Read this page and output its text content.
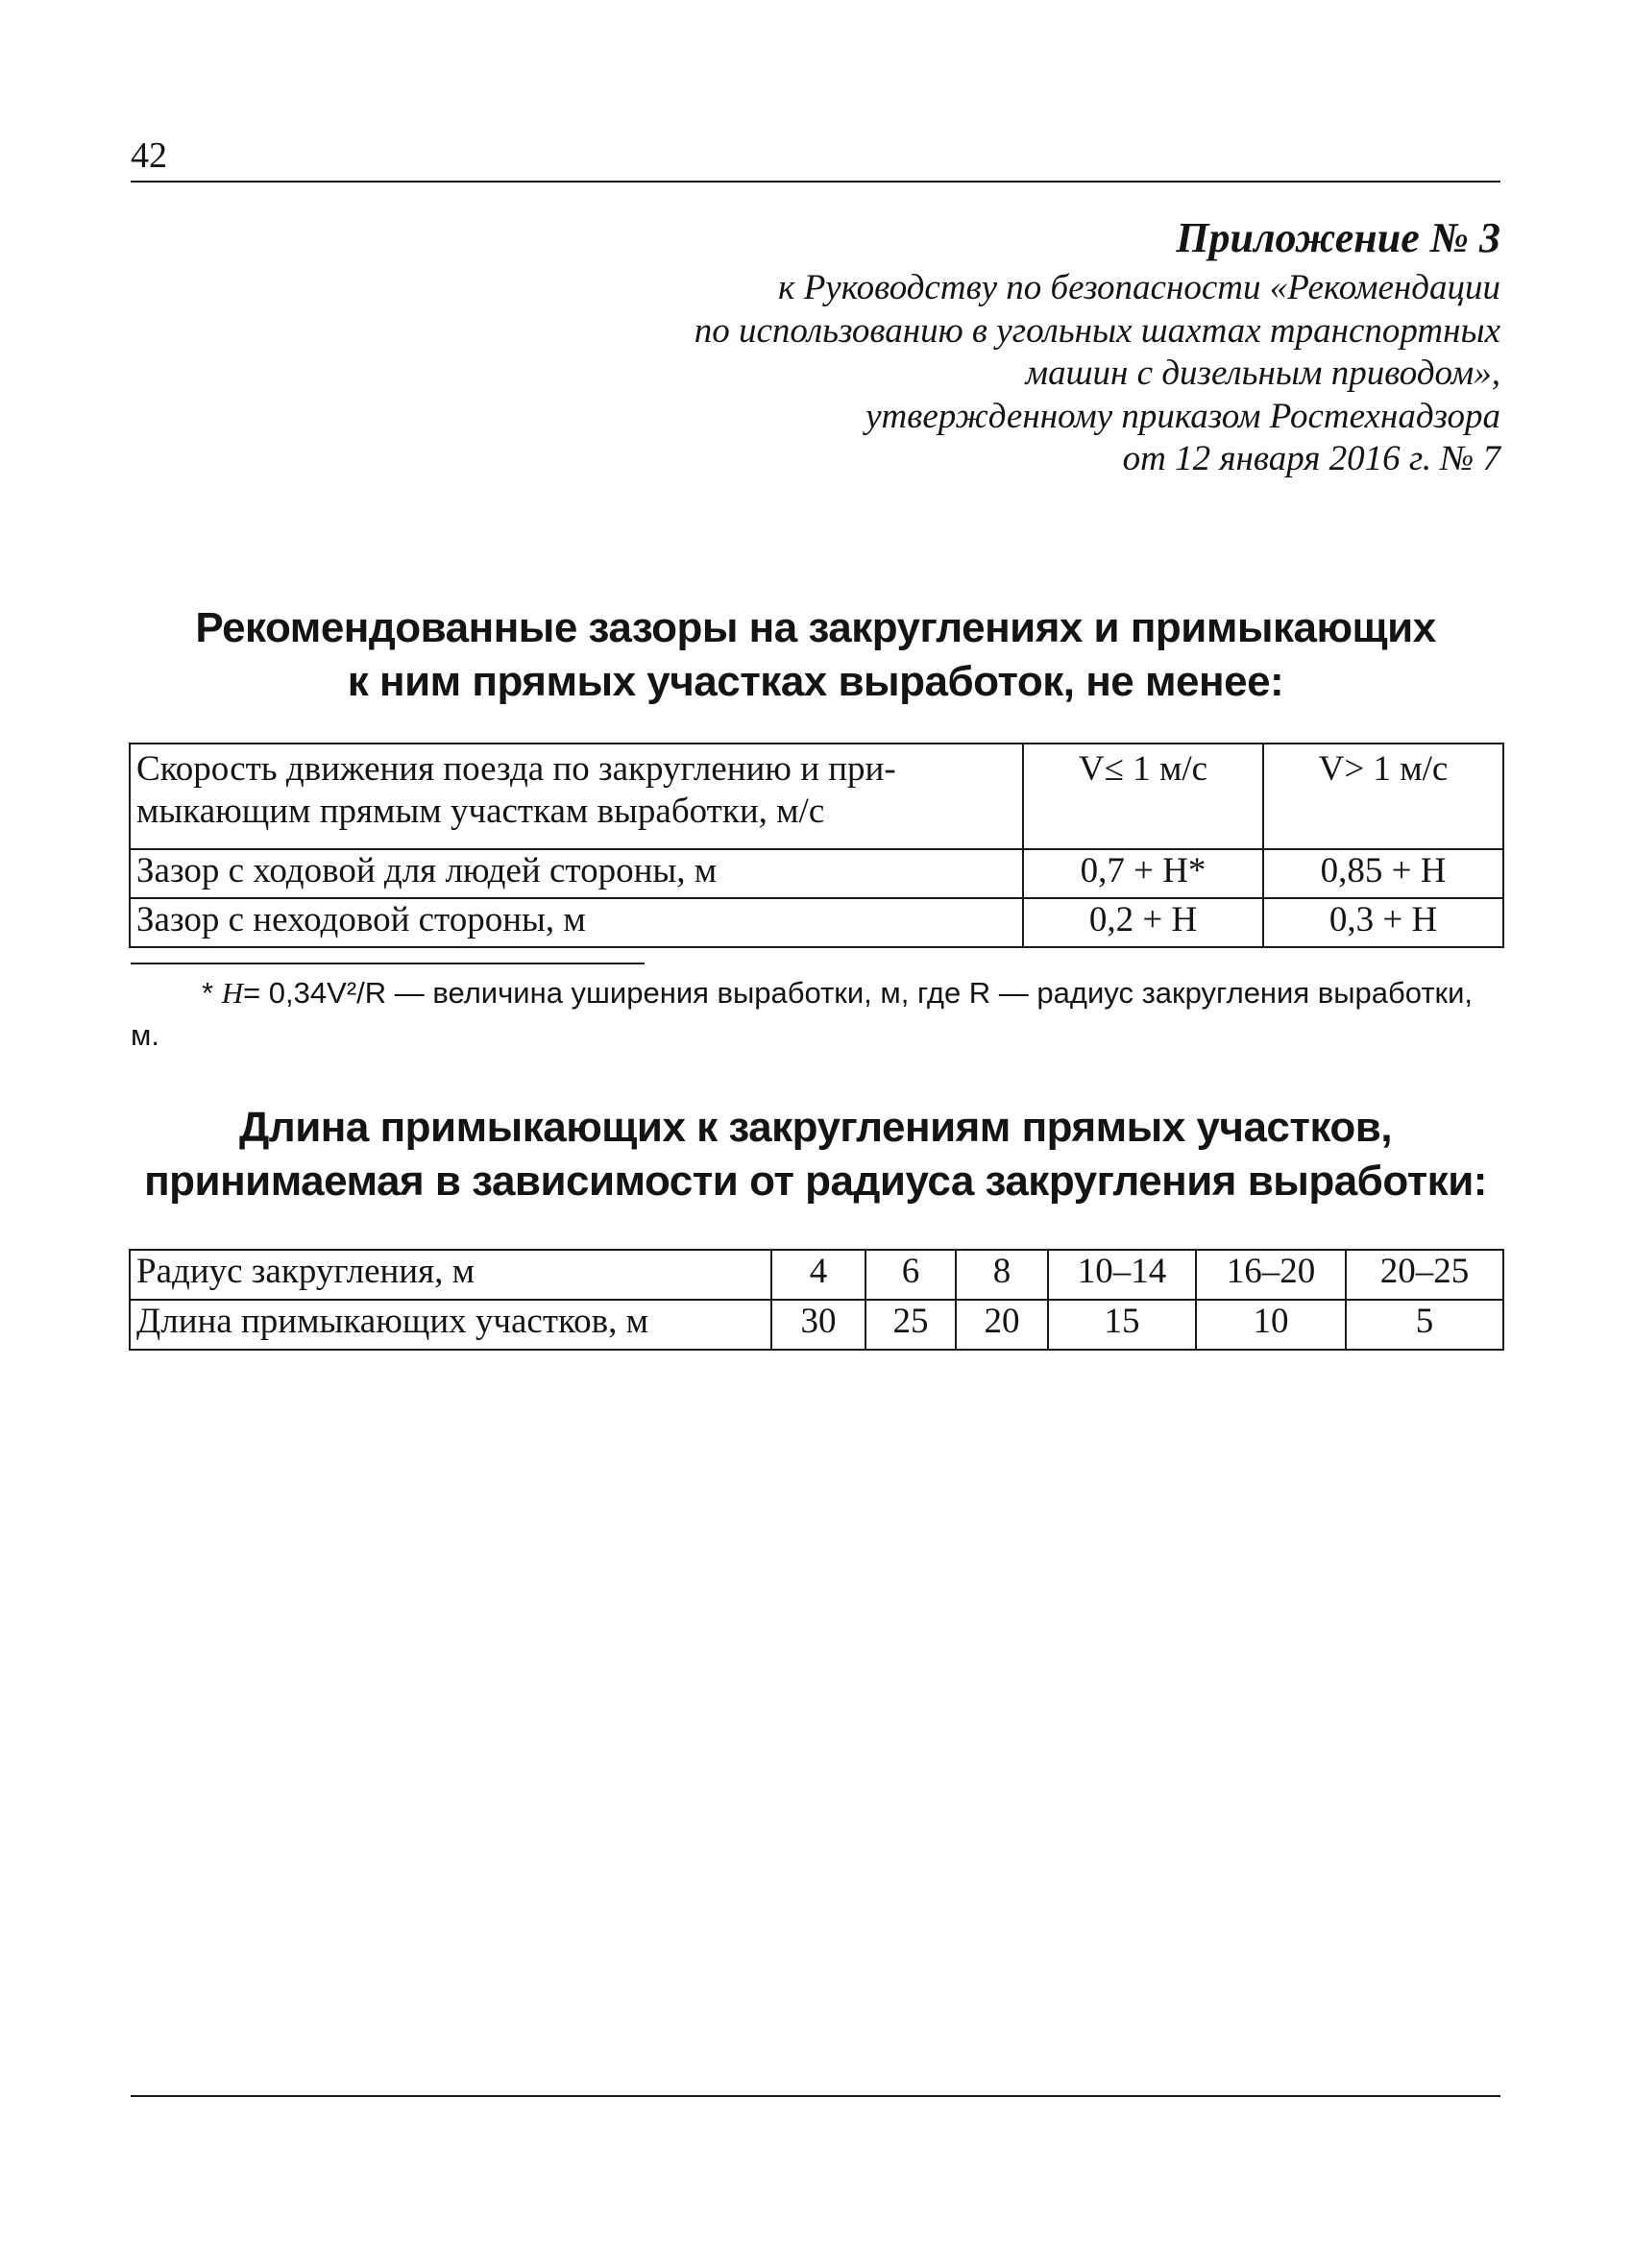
42
Приложение № 3
к Руководству по безопасности «Рекомендации
по использованию в угольных шахтах транспортных
машин с дизельным приводом»,
утвержденному приказом Ростехнадзора
от 12 января 2016 г. № 7
Рекомендованные зазоры на закруглениях и примыкающих
к ним прямых участках выработок, не менее:
Скорость движения поезда по закруглению и при-мыкающим прямым участкам выработки, м/с	V≤ 1 м/с	V> 1 м/с
Зазор с ходовой для людей стороны, м	0,7 + H*	0,85 + H
Зазор с неходовой стороны, м	0,2 + H	0,3 + H
* H= 0,34V²/R — величина уширения выработки, м, где R — радиус закругления выработки, м.
Длина примыкающих к закруглениям прямых участков,
принимаемая в зависимости от радиуса закругления выработки:
Радиус закругления, м	4	6	8	10–14	16–20	20–25
Длина примыкающих участков, м	30	25	20	15	10	5
